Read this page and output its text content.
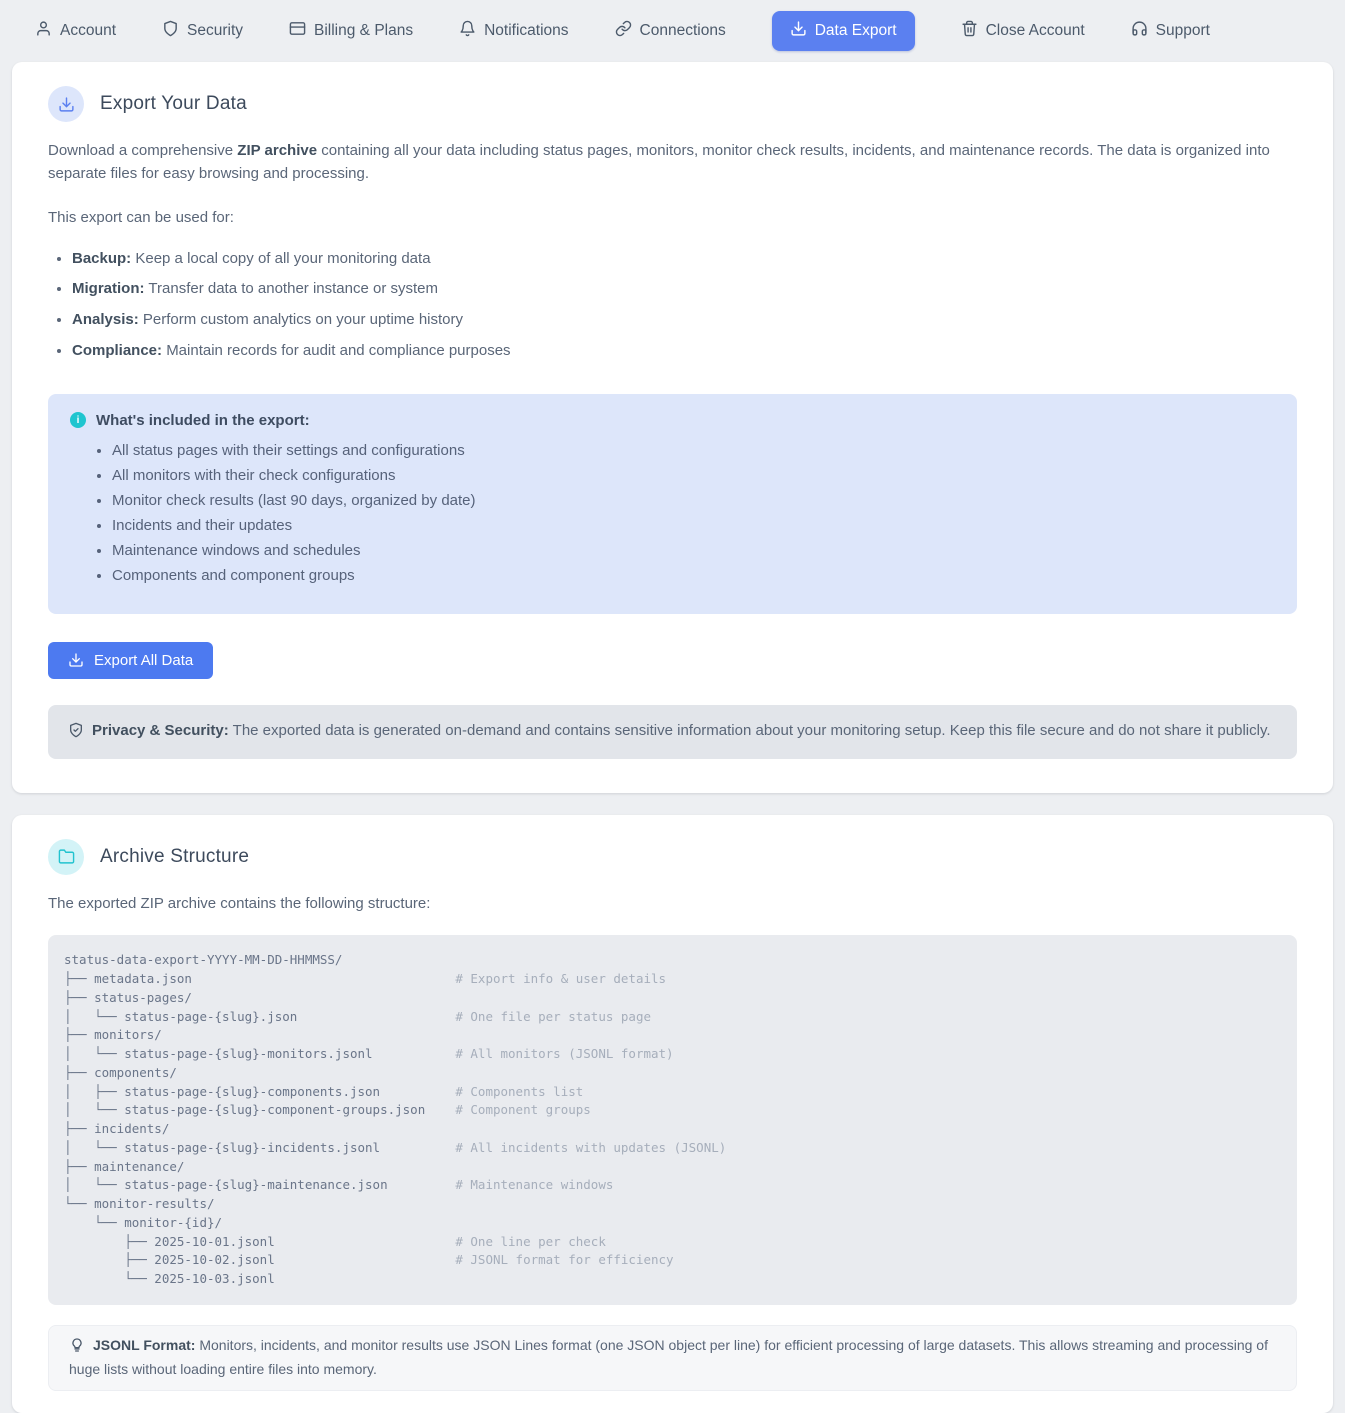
Account	Security	Billing & Plans	Notifications	Connections	Data Export	Close Account	Support
Export Your Data

Download a comprehensive ZIP archive containing all your data including status pages, monitors, monitor check results, incidents, and maintenance records. The data is organized into separate files for easy browsing and processing.

This export can be used for:

• Backup: Keep a local copy of all your monitoring data
• Migration: Transfer data to another instance or system
• Analysis: Perform custom analytics on your uptime history
• Compliance: Maintain records for audit and compliance purposes
i	What's included in the export:
• All status pages with their settings and configurations
• All monitors with their check configurations
• Monitor check results (last 90 days, organized by date)
• Incidents and their updates
• Maintenance windows and schedules
• Components and component groups
Export All Data
Privacy & Security: The exported data is generated on-demand and contains sensitive information about your monitoring setup. Keep this file secure and do not share it publicly.
Archive Structure

The exported ZIP archive contains the following structure:

status-data-export-YYYY-MM-DD-HHMMSS/
├── metadata.json                                   # Export info & user details
├── status-pages/
│   └── status-page-{slug}.json                     # One file per status page
├── monitors/
│   └── status-page-{slug}-monitors.jsonl           # All monitors (JSONL format)
├── components/
│   ├── status-page-{slug}-components.json          # Components list
│   └── status-page-{slug}-component-groups.json    # Component groups
├── incidents/
│   └── status-page-{slug}-incidents.jsonl          # All incidents with updates (JSONL)
├── maintenance/
│   └── status-page-{slug}-maintenance.json         # Maintenance windows
└── monitor-results/
└── monitor-{id}/
├── 2025-10-01.jsonl                        # One line per check
├── 2025-10-02.jsonl                        # JSONL format for efficiency
└── 2025-10-03.jsonl
JSONL Format: Monitors, incidents, and monitor results use JSON Lines format (one JSON object per line) for efficient processing of large datasets. This allows streaming and processing of huge lists without loading entire files into memory.
